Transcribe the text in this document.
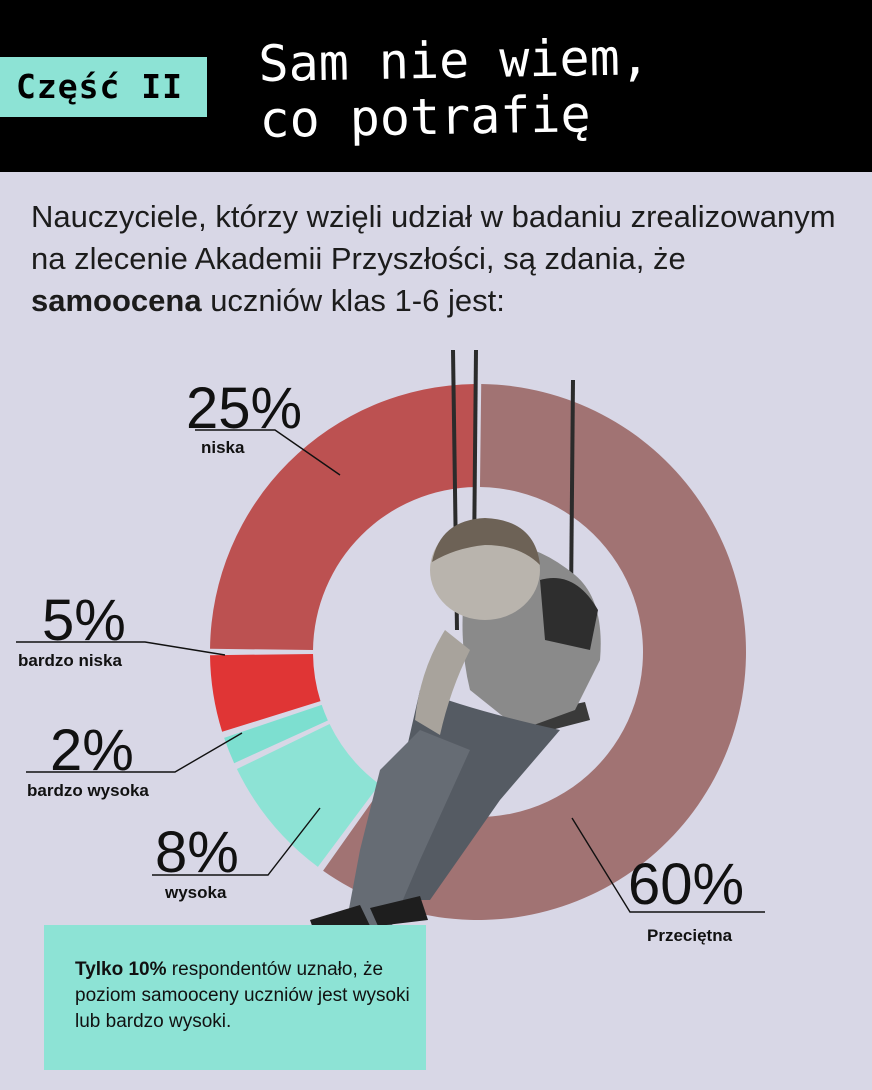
Część II	Sam nie wiem,
co potrafię
Nauczyciele, którzy wzięli udział w badaniu zrealizowanym na zlecenie Akademii Przyszłości, są zdania, że samoocena uczniów klas 1-6 jest:
25%
niska
5%
bardzo niska
2%
bardzo wysoka
8%
wysoka	60%
Przeciętna
Tylko 10% respondentów uznało, że poziom samooceny uczniów jest wysoki lub bardzo wysoki.
